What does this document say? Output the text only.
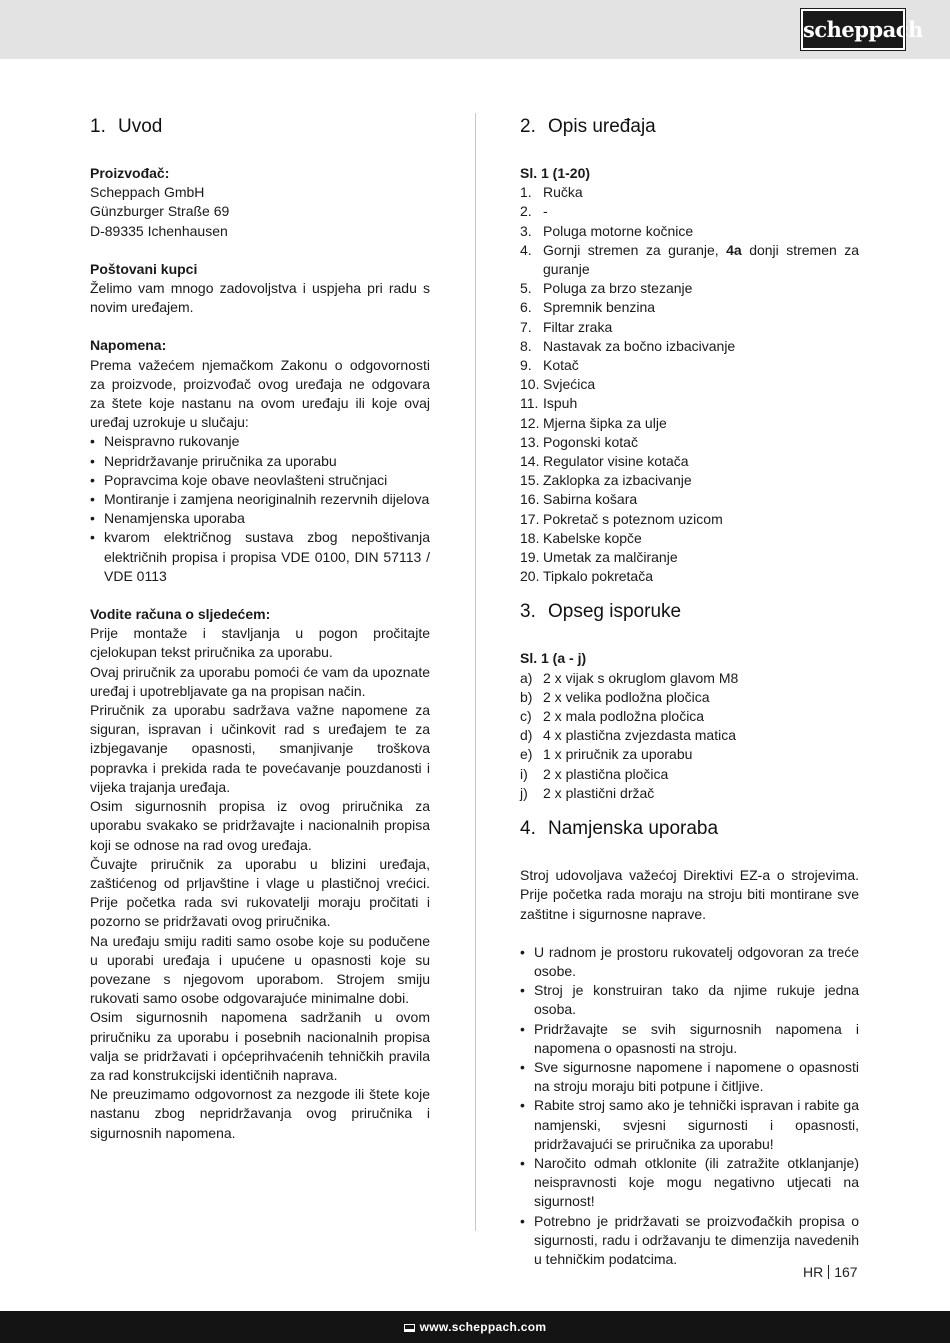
scheppach
1. Uvod

Proizvođač:

Scheppach GmbH

Günzburger Straße 69

D-89335 Ichenhausen

Poštovani kupci

Želimo vam mnogo zadovoljstva i uspjeha pri radu s novim uređajem.

Napomena:

Prema važećem njemačkom Zakonu o odgovornosti za proizvode, proizvođač ovog uređaja ne odgovara za štete koje nastanu na ovom uređaju ili koje ovaj uređaj uzrokuje u slučaju:

• Neispravno rukovanje
• Nepridržavanje priručnika za uporabu
• Popravcima koje obave neovlašteni stručnjaci
• Montiranje i zamjena neoriginalnih rezervnih dijelova
• Nenamjenska uporaba
• kvarom električnog sustava zbog nepoštivanja električnih propisa i propisa VDE 0100, DIN 57113 / VDE 0113

Vodite računa o sljedećem:

Prije montaže i stavljanja u pogon pročitajte cjelokupan tekst priručnika za uporabu.

Ovaj priručnik za uporabu pomoći će vam da upoznate uređaj i upotrebljavate ga na propisan način.

Priručnik za uporabu sadržava važne napomene za siguran, ispravan i učinkovit rad s uređajem te za izbjegavanje opasnosti, smanjivanje troškova popravka i prekida rada te povećavanje pouzdanosti i vijeka trajanja uređaja.

Osim sigurnosnih propisa iz ovog priručnika za uporabu svakako se pridržavajte i nacionalnih propisa koji se odnose na rad ovog uređaja.

Čuvajte priručnik za uporabu u blizini uređaja, zaštićenog od prljavštine i vlage u plastičnoj vrećici. Prije početka rada svi rukovatelji moraju pročitati i pozorno se pridržavati ovog priručnika.

Na uređaju smiju raditi samo osobe koje su podučene u uporabi uređaja i upućene u opasnosti koje su povezane s njegovom uporabom. Strojem smiju rukovati samo osobe odgovarajuće minimalne dobi.

Osim sigurnosnih napomena sadržanih u ovom priručniku za uporabu i posebnih nacionalnih propisa valja se pridržavati i općeprihvaćenih tehničkih pravila za rad konstrukcijski identičnih naprava.

Ne preuzimamo odgovornost za nezgode ili štete koje nastanu zbog nepridržavanja ovog priručnika i sigurnosnih napomena.

2. Opis uređaja

Sl. 1 (1-20)

1. Ručka
2. -
3. Poluga motorne kočnice
4. Gornji stremen za guranje, 4a donji stremen za guranje
5. Poluga za brzo stezanje
6. Spremnik benzina
7. Filtar zraka
8. Nastavak za bočno izbacivanje
9. Kotač
10. Svjećica
11. Ispuh
12. Mjerna šipka za ulje
13. Pogonski kotač
14. Regulator visine kotača
15. Zaklopka za izbacivanje
16. Sabirna košara
17. Pokretač s poteznom uzicom
18. Kabelske kopče
19. Umetak za malčiranje
20. Tipkalo pokretača
3. Opseg isporuke

Sl. 1 (a - j)

a) 2 x vijak s okruglom glavom M8
b) 2 x velika podložna pločica
c) 2 x mala podložna pločica
d) 4 x plastična zvjezdasta matica
e) 1 x priručnik za uporabu
i) 2 x plastična pločica
j) 2 x plastični držač
4. Namjenska uporaba

Stroj udovoljava važećoj Direktivi EZ-a o strojevima. Prije početka rada moraju na stroju biti montirane sve zaštitne i sigurnosne naprave.

• U radnom je prostoru rukovatelj odgovoran za treće osobe.
• Stroj je konstruiran tako da njime rukuje jedna osoba.
• Pridržavajte se svih sigurnosnih napomena i napomena o opasnosti na stroju.
• Sve sigurnosne napomene i napomene o opasnosti na stroju moraju biti potpune i čitljive.
• Rabite stroj samo ako je tehnički ispravan i rabite ga namjenski, svjesni sigurnosti i opasnosti, pridržavajući se priručnika za uporabu!
• Naročito odmah otklonite (ili zatražite otklanjanje) neispravnosti koje mogu negativno utjecati na sigurnost!
• Potrebno je pridržavati se proizvođačkih propisa o sigurnosti, radu i održavanju te dimenzija navedenih u tehničkim podatcima.
HR 167
www.scheppach.com
